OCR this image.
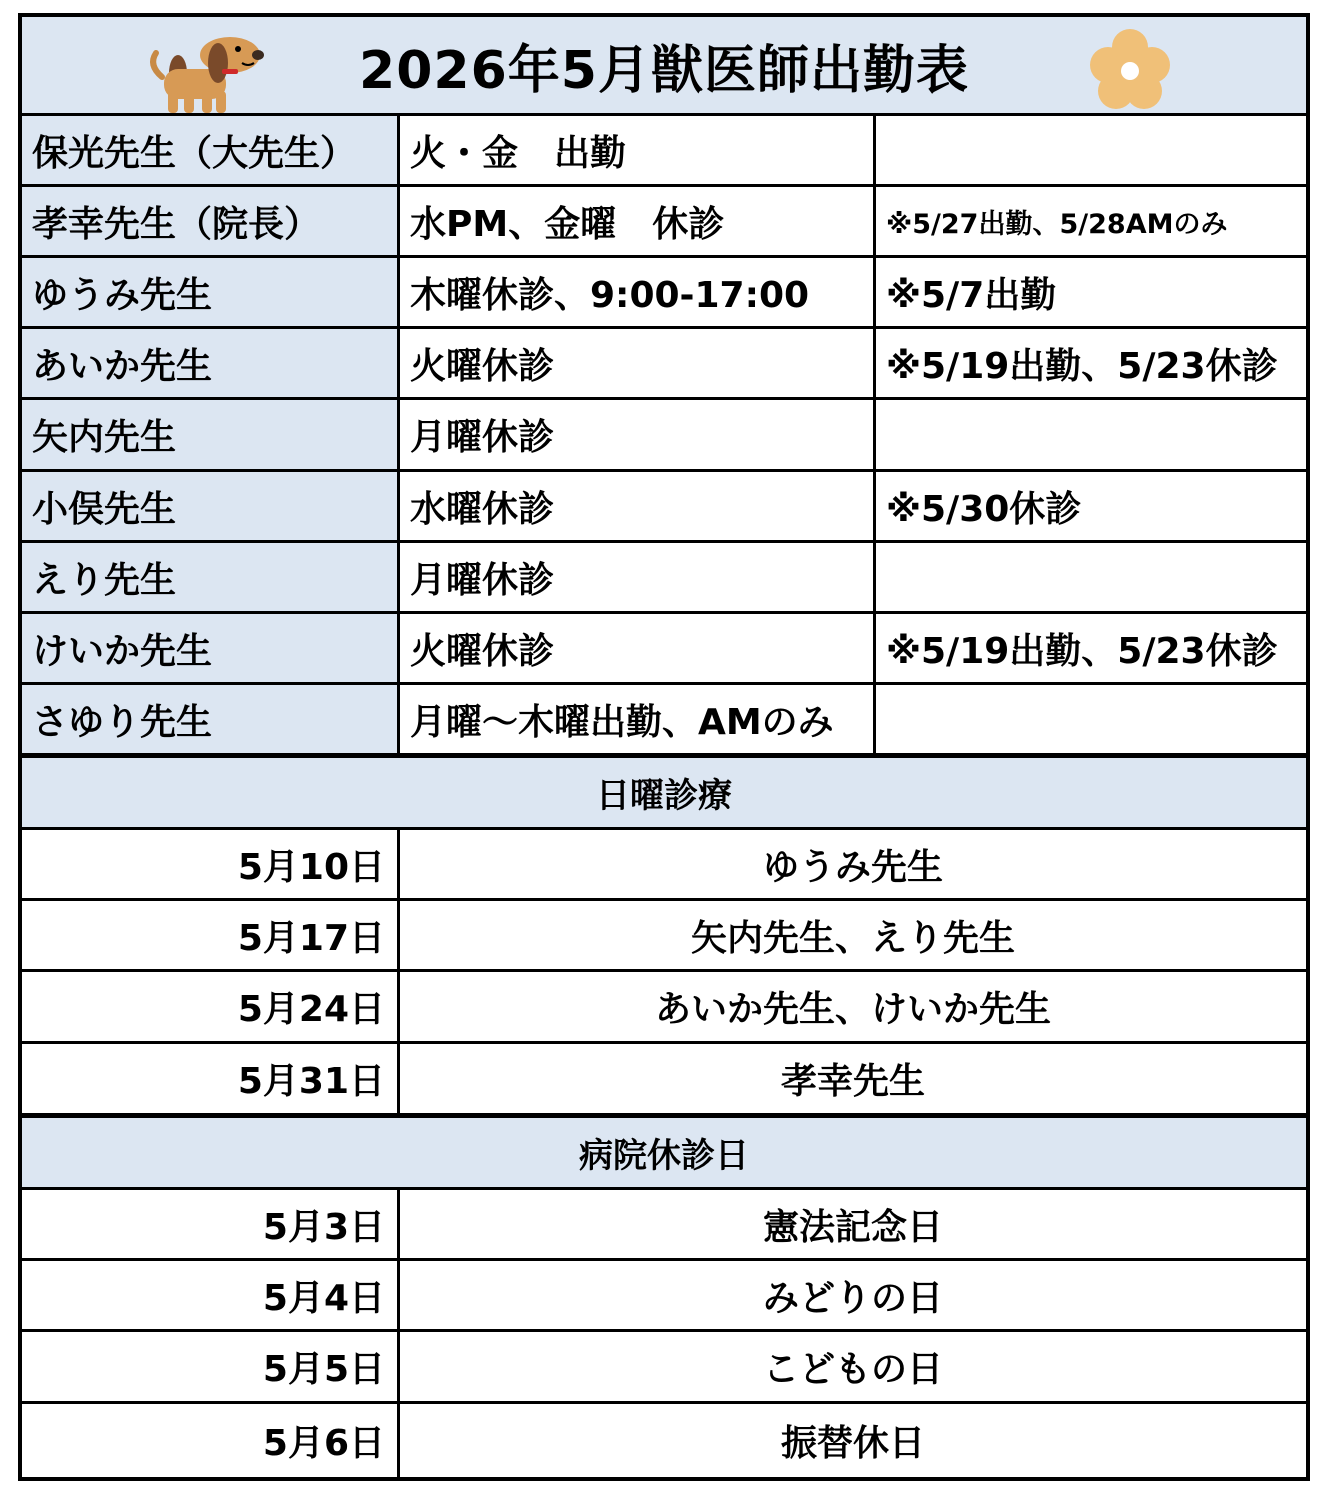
2026年5月獣医師出勤表
保光先生（大先生）	火・金　出勤
孝幸先生（院長）	水PM、金曜　休診	※5/27出勤、5/28AMのみ
ゆうみ先生	木曜休診、9:00-17:00	※5/7出勤
あいか先生	火曜休診	※5/19出勤、5/23休診
矢内先生	月曜休診
小俣先生	水曜休診	※5/30休診
えり先生	月曜休診
けいか先生	火曜休診	※5/19出勤、5/23休診
さゆり先生	月曜～木曜出勤、AMのみ
日曜診療
5月10日	ゆうみ先生
5月17日	矢内先生、えり先生
5月24日	あいか先生、けいか先生
5月31日	孝幸先生
病院休診日
5月3日	憲法記念日
5月4日	みどりの日
5月5日	こどもの日
5月6日	振替休日
